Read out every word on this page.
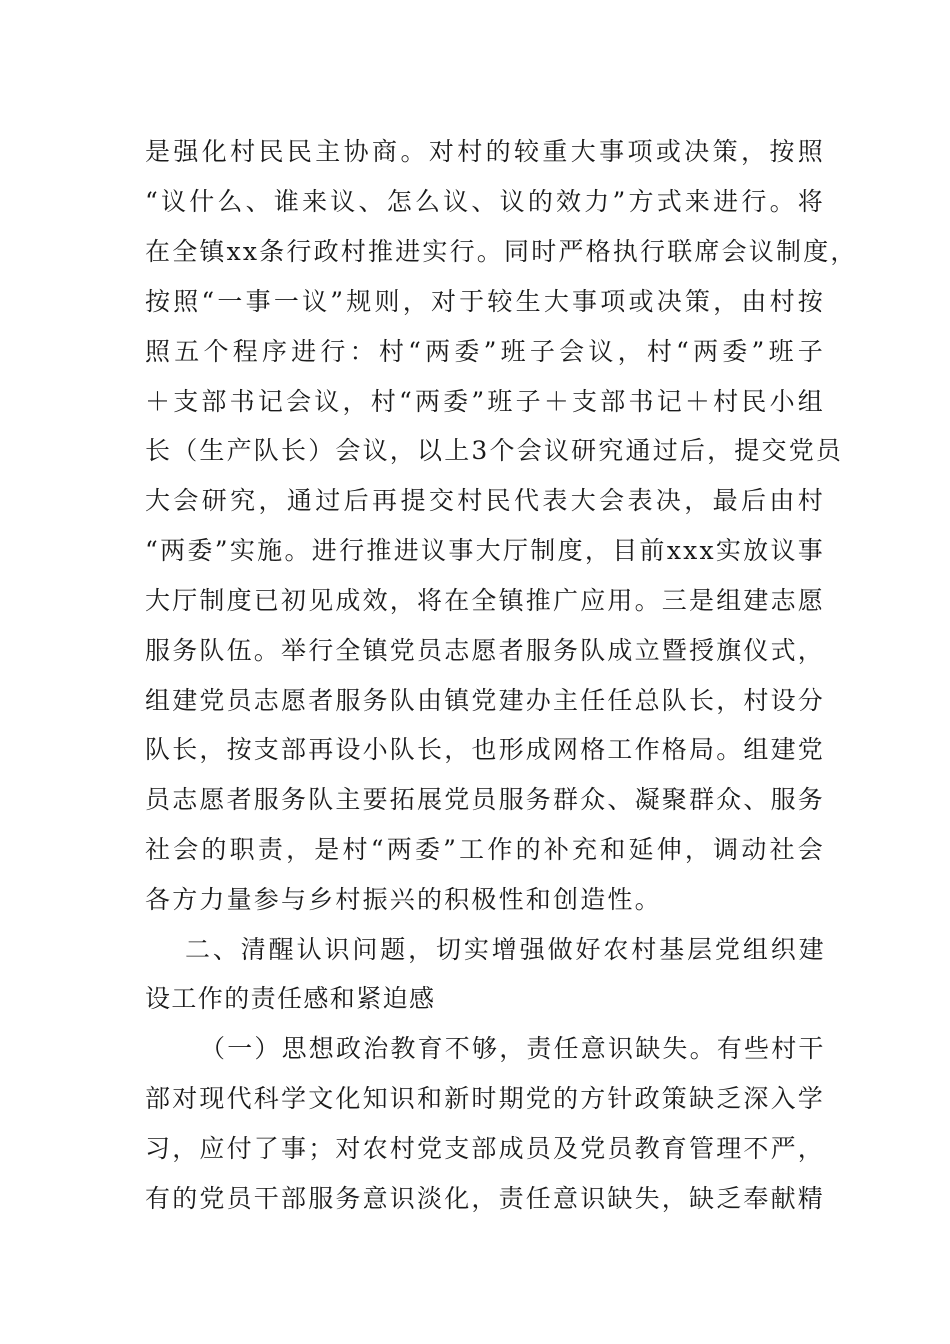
是强化村民民主协商。对村的较重大事项或决策，按照
“议什么、谁来议、怎么议、议的效力”方式来进行。将
在全镇xx条行政村推进实行。同时严格执行联席会议制度，
按照“一事一议”规则，对于较生大事项或决策，由村按
照五个程序进行：村“两委”班子会议，村“两委”班子
＋支部书记会议，村“两委”班子＋支部书记＋村民小组
长（生产队长）会议，以上3个会议研究通过后，提交党员
大会研究，通过后再提交村民代表大会表决，最后由村
“两委”实施。进行推进议事大厅制度，目前xxx实放议事
大厅制度已初见成效，将在全镇推广应用。三是组建志愿
服务队伍。举行全镇党员志愿者服务队成立暨授旗仪式，
组建党员志愿者服务队由镇党建办主任任总队长，村设分
队长，按支部再设小队长，也形成网格工作格局。组建党
员志愿者服务队主要拓展党员服务群众、凝聚群众、服务
社会的职责，是村“两委”工作的补充和延伸，调动社会
各方力量参与乡村振兴的积极性和创造性。
二、清醒认识问题，切实增强做好农村基层党组织建
设工作的责任感和紧迫感
（一）思想政治教育不够，责任意识缺失。有些村干
部对现代科学文化知识和新时期党的方针政策缺乏深入学
习，应付了事；对农村党支部成员及党员教育管理不严，
有的党员干部服务意识淡化，责任意识缺失，缺乏奉献精
